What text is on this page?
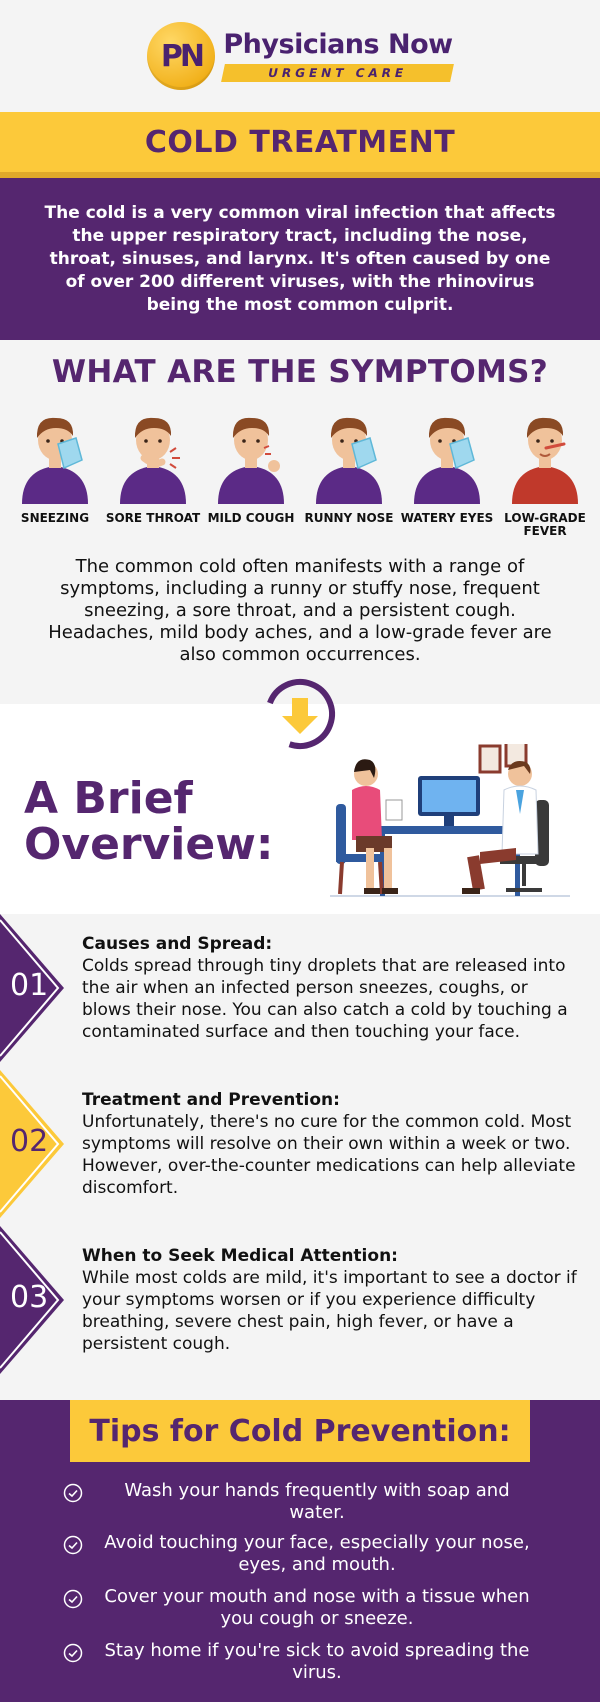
PN Physicians Now
URGENT CARE
COLD TREATMENT

The cold is a very common viral infection that affects the upper respiratory tract, including the nose, throat, sinuses, and larynx. It's often caused by one of over 200 different viruses, with the rhinovirus being the most common culprit.

WHAT ARE THE SYMPTOMS?
SNEEZING SORE THROAT MILD COUGH RUNNY NOSE WATERY EYES LOW-GRADE FEVER

The common cold often manifests with a range of symptoms, including a runny or stuffy nose, frequent sneezing, a sore throat, and a persistent cough. Headaches, mild body aches, and a low-grade fever are also common occurrences.

A Brief
Overview:
01
Causes and Spread:
Colds spread through tiny droplets that are released into the air when an infected person sneezes, coughs, or blows their nose. You can also catch a cold by touching a contaminated surface and then touching your face.
02
Treatment and Prevention:
Unfortunately, there's no cure for the common cold. Most symptoms will resolve on their own within a week or two. However, over-the-counter medications can help alleviate discomfort.
03
When to Seek Medical Attention:
While most colds are mild, it's important to see a doctor if your symptoms worsen or if you experience difficulty breathing, severe chest pain, high fever, or have a persistent cough.
Tips for Cold Prevention:
Wash your hands frequently with soap and water.
Avoid touching your face, especially your nose, eyes, and mouth.
Cover your mouth and nose with a tissue when you cough or sneeze.
Stay home if you're sick to avoid spreading the virus.
